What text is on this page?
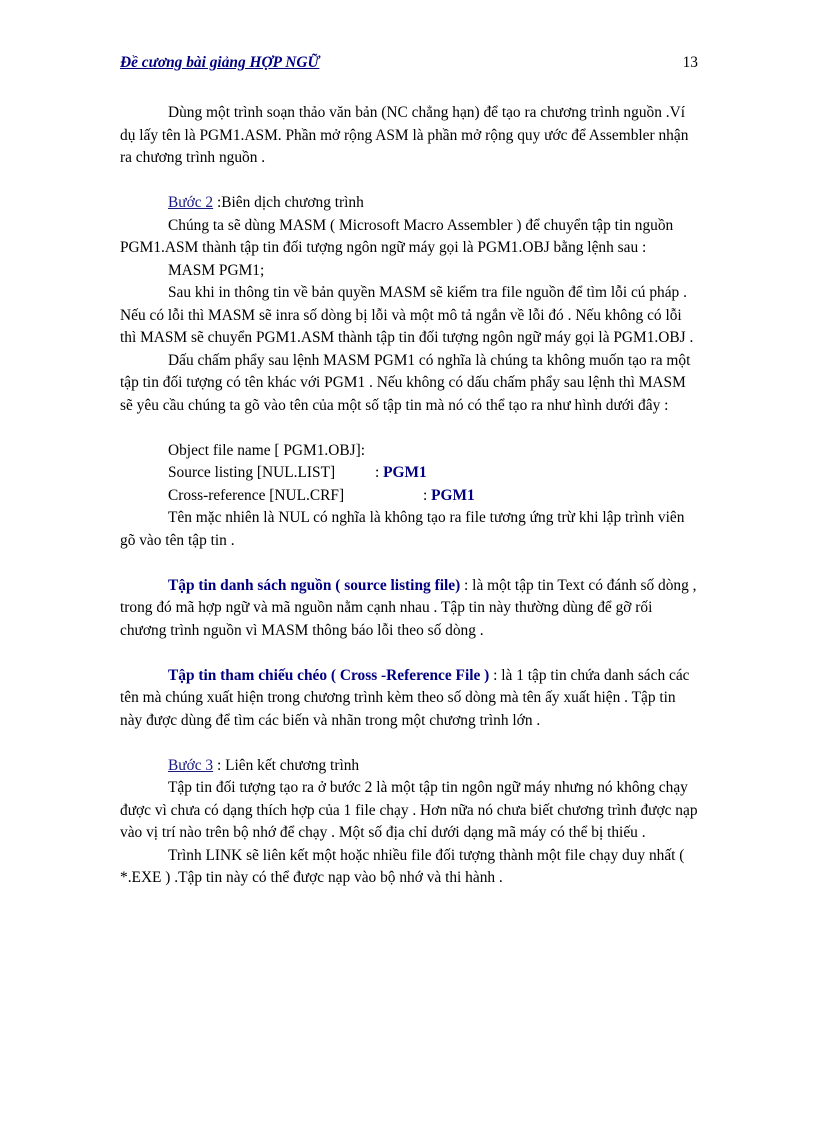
Đề cương bài giảng HỢP NGỮ	13

Dùng một trình soạn thảo văn bản (NC chẳng hạn) để tạo ra chương trình nguồn .Ví dụ lấy tên là PGM1.ASM. Phần mở rộng ASM là phần mở rộng quy ước để Assembler nhận ra chương trình nguồn .

Bước 2 :Biên dịch chương trình

Chúng ta sẽ dùng MASM ( Microsoft Macro Assembler ) để chuyển tập tin nguồn PGM1.ASM thành tập tin đối tượng ngôn ngữ máy gọi là PGM1.OBJ bằng lệnh sau :

MASM PGM1;

Sau khi in thông tin về bản quyền MASM sẽ kiểm tra file nguồn để tìm lỗi cú pháp . Nếu có lỗi thì MASM sẽ inra số dòng bị lỗi và một mô tả ngắn về lỗi đó . Nếu không có lỗi thì MASM sẽ chuyển PGM1.ASM thành tập tin đối tượng ngôn ngữ máy gọi là PGM1.OBJ .

Dấu chấm phẩy sau lệnh MASM PGM1 có nghĩa là chúng ta không muốn tạo ra một tập tin đối tượng có tên khác với PGM1 . Nếu không có dấu chấm phẩy sau lệnh thì MASM sẽ yêu cầu chúng ta gõ vào tên của một số tập tin mà nó có thể tạo ra như hình dưới đây :

Object file name [ PGM1.OBJ]:

Source listing [NUL.LIST]	: PGM1

Cross-reference [NUL.CRF]	: PGM1

Tên mặc nhiên là NUL có nghĩa là không tạo ra file tương ứng trừ khi lập trình viên gõ vào tên tập tin .

Tập tin danh sách nguồn ( source listing file) : là một tập tin Text có đánh số dòng , trong đó mã hợp ngữ và mã nguồn nằm cạnh nhau . Tập tin này thường dùng để gỡ rối chương trình nguồn vì MASM thông báo lỗi theo số dòng .

Tập tin tham chiếu chéo ( Cross -Reference File ) : là 1 tập tin chứa danh sách các tên mà chúng xuất hiện trong chương trình kèm theo số dòng mà tên ấy xuất hiện . Tập tin này được dùng để tìm các biến và nhãn trong một chương trình lớn .

Bước 3 : Liên kết chương trình

Tập tin đối tượng tạo ra ở bước 2 là một tập tin ngôn ngữ máy nhưng nó không chạy được vì chưa có dạng thích hợp của 1 file chạy . Hơn nữa nó chưa biết chương trình được nạp vào vị trí nào trên bộ nhớ để chạy . Một số địa chỉ dưới dạng mã máy có thể bị thiếu .

Trình LINK sẽ liên kết một hoặc nhiều file đối tượng thành một file chạy duy nhất ( *.EXE ) .Tập tin này có thể được nạp vào bộ nhớ và thi hành .
